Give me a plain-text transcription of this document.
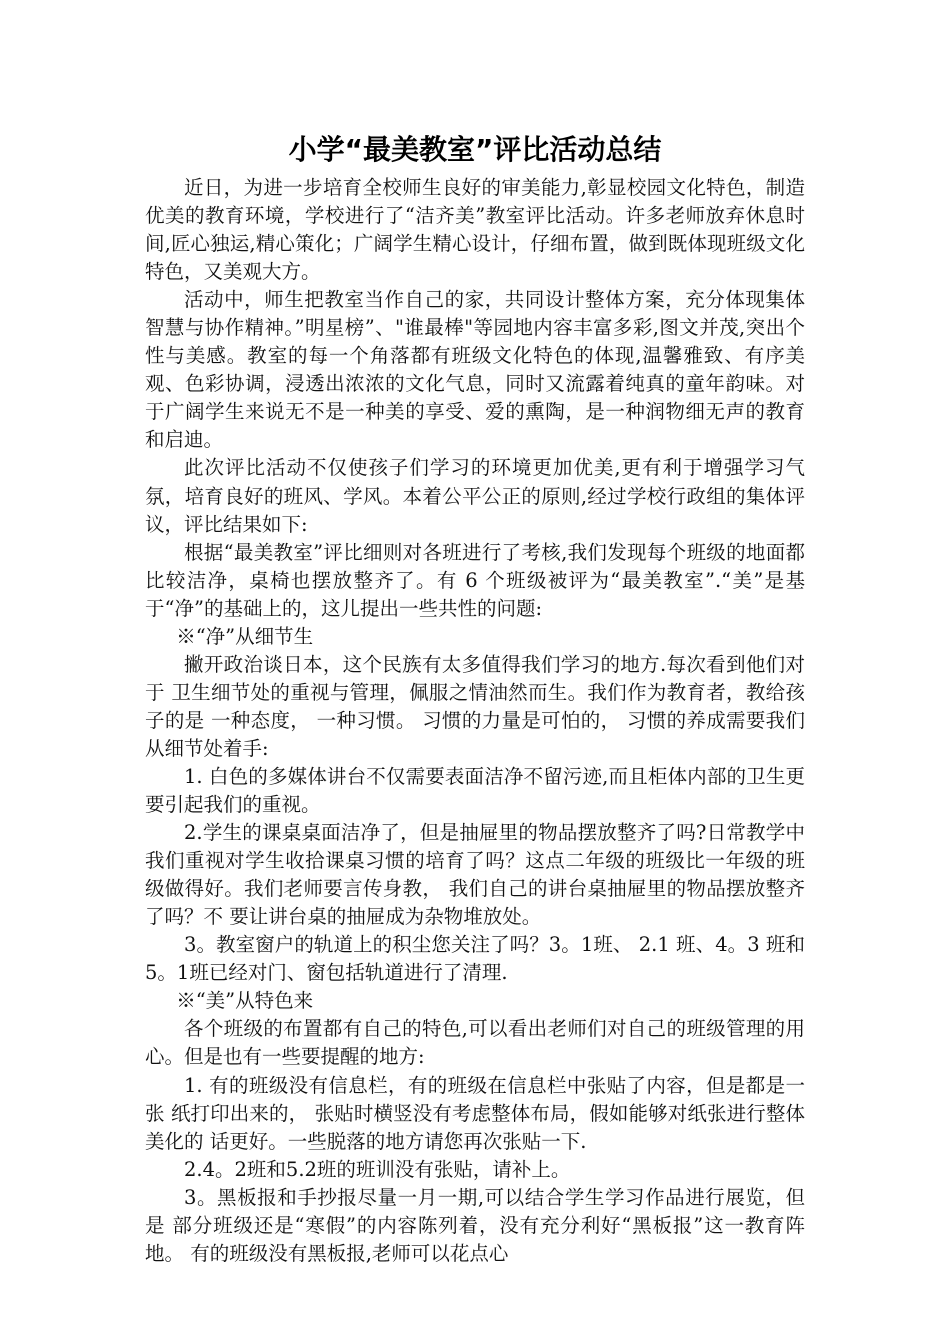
小学“最美教室”评比活动总结

近日，为进一步培育全校师生良好的审美能力,彰显校园文化特色，制造优美的教育环境，学校进行了“洁齐美”教室评比活动。许多老师放弃休息时间,匠心独运,精心策化；广阔学生精心设计，仔细布置，做到既体现班级文化特色，又美观大方。

活动中，师生把教室当作自己的家，共同设计整体方案，充分体现集体智慧与协作精神。”明星榜”、"谁最棒"等园地内容丰富多彩,图文并茂,突出个性与美感。教室的每一个角落都有班级文化特色的体现,温馨雅致、有序美观、色彩协调，浸透出浓浓的文化气息，同时又流露着纯真的童年韵味。对于广阔学生来说无不是一种美的享受、爱的熏陶，是一种润物细无声的教育和启迪。

此次评比活动不仅使孩子们学习的环境更加优美,更有利于增强学习气氛，培育良好的班风、学风。本着公平公正的原则,经过学校行政组的集体评议，评比结果如下:

根据“最美教室”评比细则对各班进行了考核,我们发现每个班级的地面都比较洁净，桌椅也摆放整齐了。有 6 个班级被评为“最美教室”.“美”是基于“净”的基础上的，这儿提出一些共性的问题:

※“净”从细节生

撇开政治谈日本，这个民族有太多值得我们学习的地方.每次看到他们对于 卫生细节处的重视与管理，佩服之情油然而生。我们作为教育者，教给孩子的是 一种态度， 一种习惯。 习惯的力量是可怕的， 习惯的养成需要我们从细节处着手:

1. 白色的多媒体讲台不仅需要表面洁净不留污迹,而且柜体内部的卫生更要引起我们的重视。

2.学生的课桌桌面洁净了，但是抽屉里的物品摆放整齐了吗?日常教学中我们重视对学生收拾课桌习惯的培育了吗？这点二年级的班级比一年级的班级做得好。我们老师要言传身教， 我们自己的讲台桌抽屉里的物品摆放整齐了吗？不 要让讲台桌的抽屉成为杂物堆放处。

3。教室窗户的轨道上的积尘您关注了吗？3。1班、 2.1 班、4。3 班和 5。1班已经对门、窗包括轨道进行了清理.

※“美”从特色来

各个班级的布置都有自己的特色,可以看出老师们对自己的班级管理的用 心。但是也有一些要提醒的地方:

1. 有的班级没有信息栏，有的班级在信息栏中张贴了内容，但是都是一张 纸打印出来的， 张贴时横竖没有考虑整体布局，假如能够对纸张进行整体美化的 话更好。一些脱落的地方请您再次张贴一下.

2.4。2班和5.2班的班训没有张贴，请补上。

3。黑板报和手抄报尽量一月一期,可以结合学生学习作品进行展览，但是 部分班级还是“寒假”的内容陈列着，没有充分利好“黑板报”这一教育阵地。 有的班级没有黑板报,老师可以花点心
